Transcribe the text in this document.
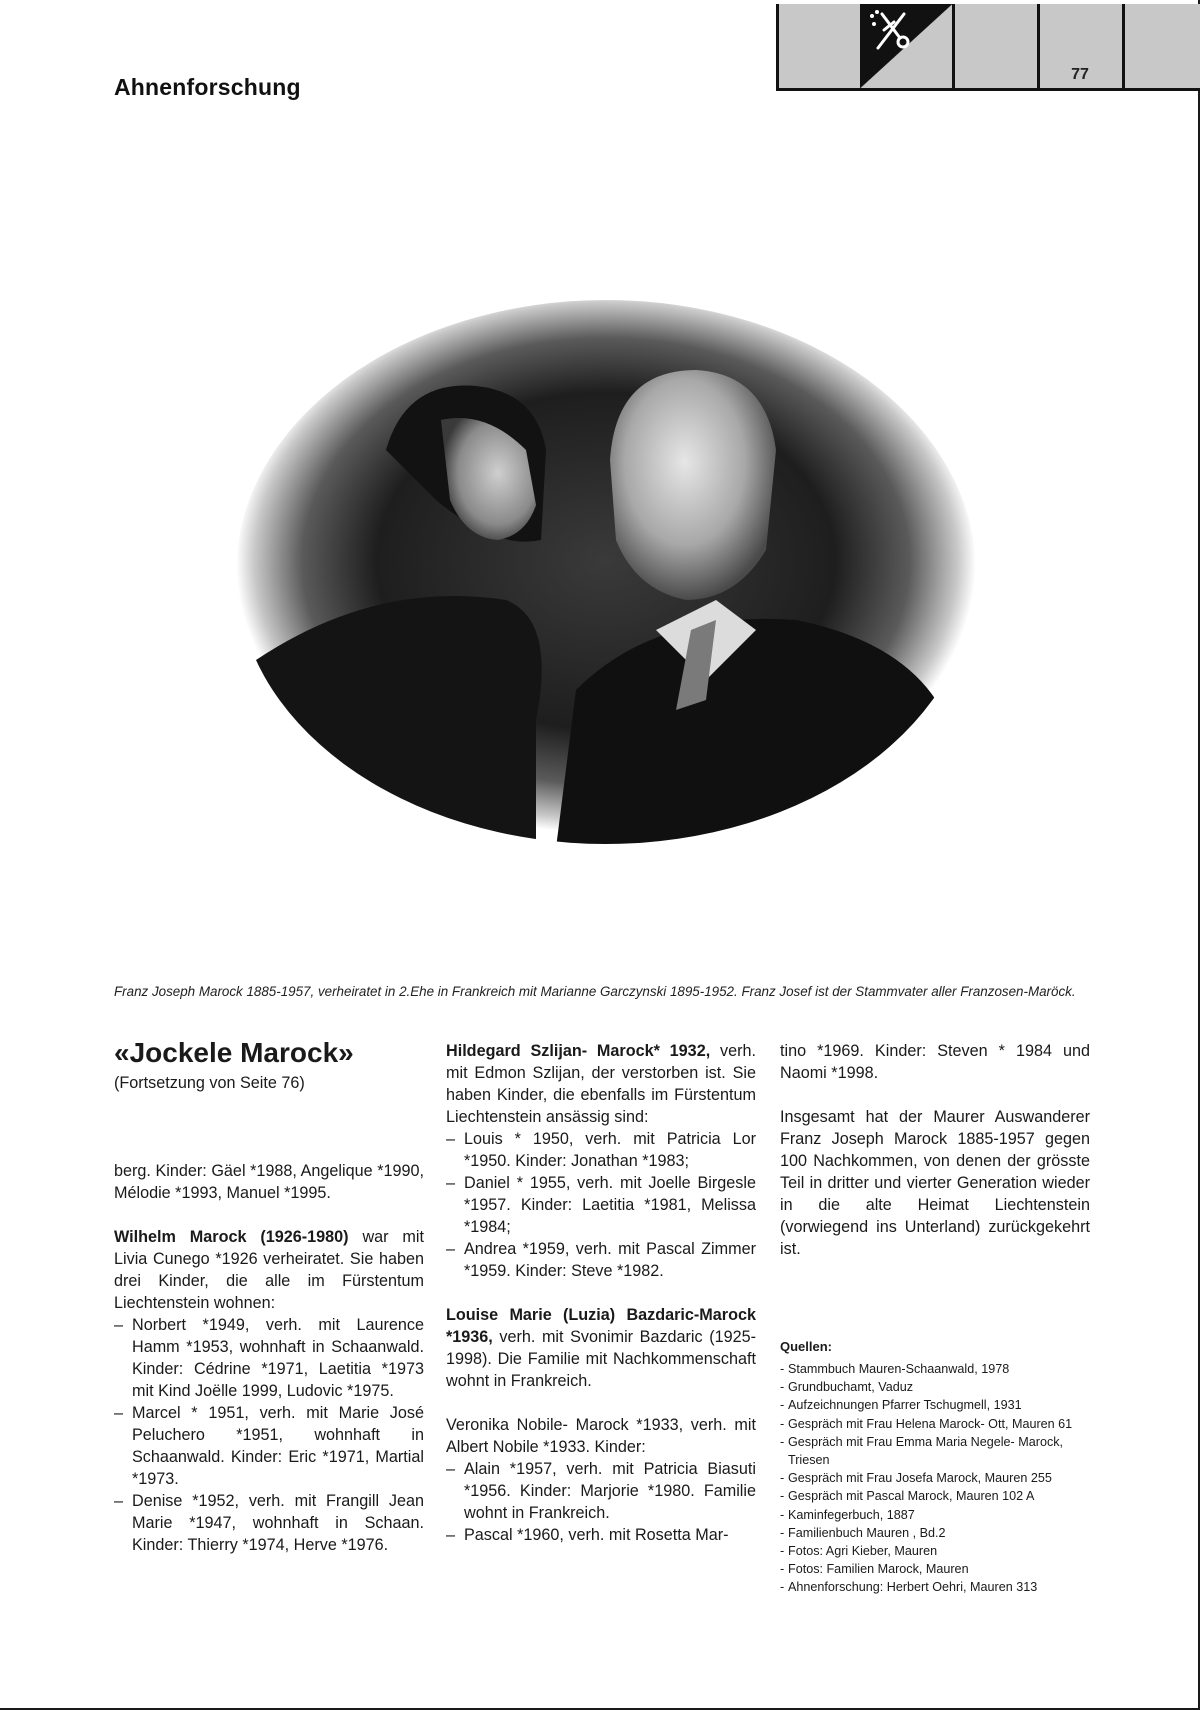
Ahnenforschung	77
Franz Joseph Marock 1885-1957, verheiratet in 2.Ehe in Frankreich mit Marianne Garczynski 1895-1952. Franz Josef ist der Stammvater aller Franzosen-Maröck.
«Jockele Marock»
(Fortsetzung von Seite 76)

berg. Kinder: Gäel *1988, Angelique *1990, Mélodie *1993, Manuel *1995.

Wilhelm Marock (1926-1980) war mit Livia Cunego *1926 verheiratet. Sie haben drei Kinder, die alle im Fürstentum Liechtenstein wohnen:

– Norbert *1949, verh. mit Laurence Hamm *1953, wohnhaft in Schaanwald. Kinder: Cédrine *1971, Laetitia *1973 mit Kind Joëlle 1999, Ludovic *1975.
– Marcel * 1951, verh. mit Marie José Peluchero *1951, wohnhaft in Schaanwald. Kinder: Eric *1971, Martial *1973.
– Denise *1952, verh. mit Frangill Jean Marie *1947, wohnhaft in Schaan. Kinder: Thierry *1974, Herve *1976.

Hildegard Szlijan- Marock* 1932, verh. mit Edmon Szlijan, der verstorben ist. Sie haben Kinder, die ebenfalls im Fürstentum Liechtenstein ansässig sind:

– Louis * 1950, verh. mit Patricia Lor *1950. Kinder: Jonathan *1983;
– Daniel * 1955, verh. mit Joelle Birgesle *1957. Kinder: Laetitia *1981, Melissa *1984;
– Andrea *1959, verh. mit Pascal Zimmer *1959. Kinder: Steve *1982.

Louise Marie (Luzia) Bazdaric-Marock *1936, verh. mit Svonimir Bazdaric (1925-1998). Die Familie mit Nachkommenschaft wohnt in Frankreich.

Veronika Nobile- Marock *1933, verh. mit Albert Nobile *1933. Kinder:

– Alain *1957, verh. mit Patricia Biasuti *1956. Kinder: Marjorie *1980. Familie wohnt in Frankreich.
– Pascal *1960, verh. mit Rosetta Mar-

tino *1969. Kinder: Steven * 1984 und Naomi *1998.

Insgesamt hat der Maurer Auswanderer Franz Joseph Marock 1885-1957 gegen 100 Nachkommen, von denen der grösste Teil in dritter und vierter Generation wieder in die alte Heimat Liechtenstein (vorwiegend ins Unterland) zurückgekehrt ist.

Quellen:
- Stammbuch Mauren-Schaanwald, 1978
- Grundbuchamt, Vaduz
- Aufzeichnungen Pfarrer Tschugmell, 1931
- Gespräch mit Frau Helena Marock- Ott, Mauren 61
- Gespräch mit Frau Emma Maria Negele- Marock, Triesen
- Gespräch mit Frau Josefa Marock, Mauren 255
- Gespräch mit Pascal Marock, Mauren 102 A
- Kaminfegerbuch, 1887
- Familienbuch Mauren , Bd.2
- Fotos: Agri Kieber, Mauren
- Fotos: Familien Marock, Mauren
- Ahnenforschung: Herbert Oehri, Mauren 313
